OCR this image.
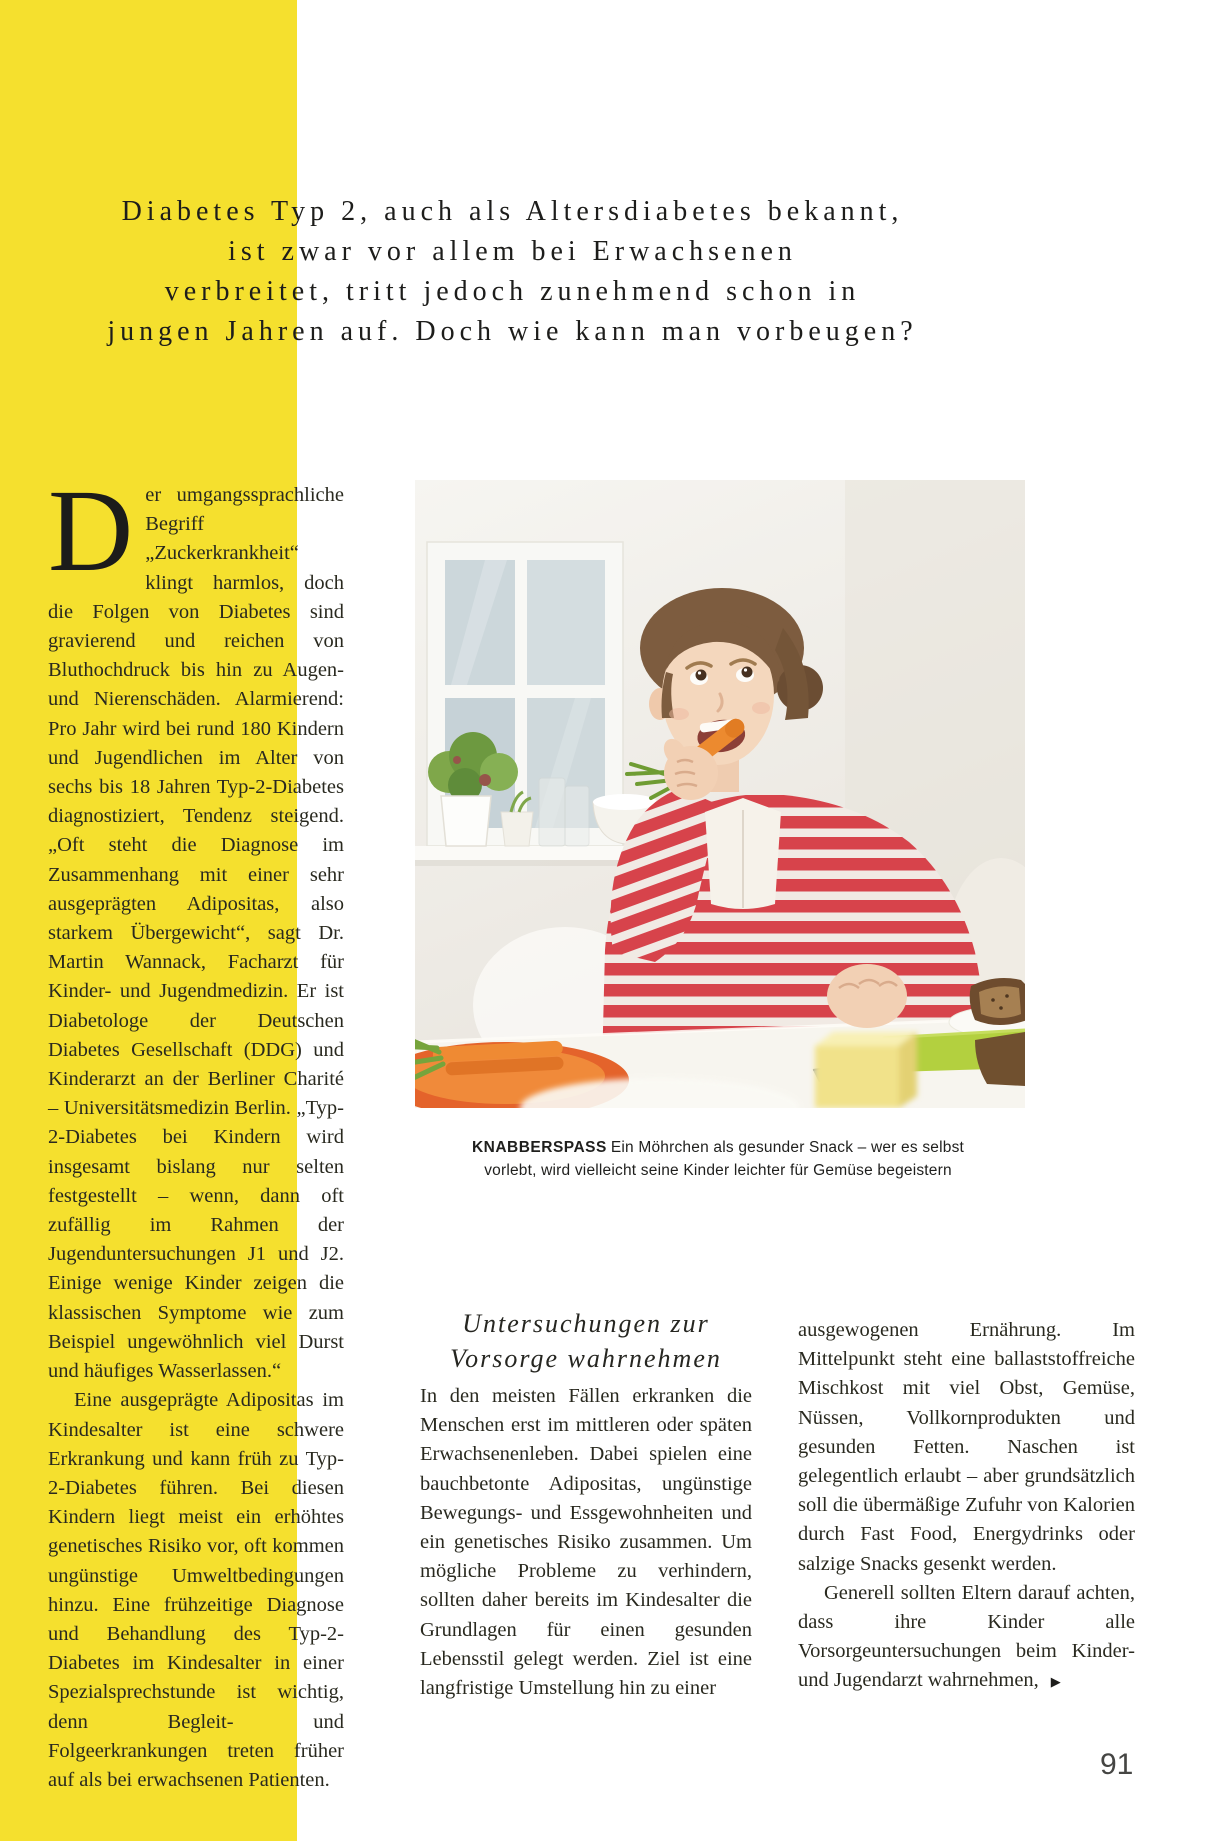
Diabetes Typ 2, auch als Altersdiabetes bekannt,
ist zwar vor allem bei Erwachsenen
verbreitet, tritt jedoch zunehmend schon in
jungen Jahren auf. Doch wie kann man vorbeugen?

Der umgangssprachliche Begriff „Zuckerkrankheit“ klingt harmlos, doch die Folgen von Diabetes sind gravierend und reichen von Bluthochdruck bis hin zu Augen- und Nierenschäden. Alarmierend: Pro Jahr wird bei rund 180 Kindern und Jugendlichen im Alter von sechs bis 18 Jahren Typ-2-Diabetes diagnostiziert, Tendenz steigend. „Oft steht die Diagnose im Zusammenhang mit einer sehr ausgeprägten Adipositas, also starkem Übergewicht“, sagt Dr. Martin Wannack, Facharzt für Kinder- und Jugendmedizin. Er ist Diabetologe der Deutschen Diabetes Gesellschaft (DDG) und Kinderarzt an der Berliner Charité – Universitätsmedizin Berlin. „Typ-2-Diabetes bei Kindern wird insgesamt bislang nur selten festgestellt – wenn, dann oft zufällig im Rahmen der Jugenduntersuchungen J1 und J2. Einige wenige Kinder zeigen die klassischen Symptome wie zum Beispiel ungewöhnlich viel Durst und häufiges Wasserlassen.“

Eine ausgeprägte Adipositas im Kindesalter ist eine schwere Erkrankung und kann früh zu Typ-2-Diabetes führen. Bei diesen Kindern liegt meist ein erhöhtes genetisches Risiko vor, oft kommen ungünstige Umweltbedingungen hinzu. Eine frühzeitige Diagnose und Behandlung des Typ-2-Diabetes im Kindesalter in einer Spezialsprechstunde ist wichtig, denn Begleit- und Folgeerkrankungen treten früher auf als bei erwachsenen Patienten.

KNABBERSPASS Ein Möhrchen als gesunder Snack – wer es selbst
vorlebt, wird vielleicht seine Kinder leichter für Gemüse begeistern
Untersuchungen zur
Vorsorge wahrnehmen

In den meisten Fällen erkranken die Menschen erst im mittleren oder späten Erwachsenenleben. Dabei spielen eine bauchbetonte Adipositas, ungünstige Bewegungs- und Essgewohnheiten und ein genetisches Risiko zusammen. Um mögliche Probleme zu verhindern, sollten daher bereits im Kindesalter die Grundlagen für einen gesunden Lebensstil gelegt werden. Ziel ist eine langfristige Umstellung hin zu einer

ausgewogenen Ernährung. Im Mittelpunkt steht eine ballaststoffreiche Mischkost mit viel Obst, Gemüse, Nüssen, Vollkornprodukten und gesunden Fetten. Naschen ist gelegentlich erlaubt – aber grundsätzlich soll die übermäßige Zufuhr von Kalorien durch Fast Food, Energydrinks oder salzige Snacks gesenkt werden.

Generell sollten Eltern darauf achten, dass ihre Kinder alle Vorsorgeuntersuchungen beim Kinder- und Jugendarzt wahrnehmen, ▶

91
